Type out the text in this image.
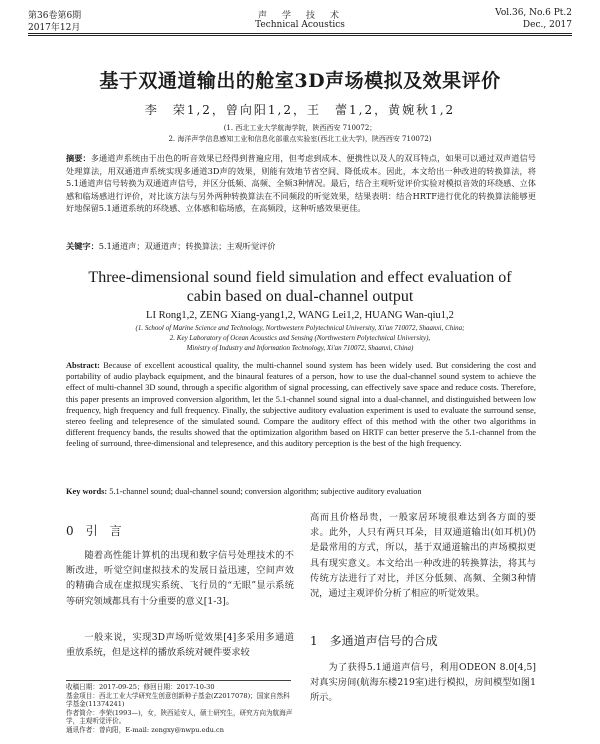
第36卷第6期	声　学　技　术	Vol.36, No.6 Pt.2
2017年12月	Technical Acoustics	Dec., 2017
基于双通道输出的舱室3D声场模拟及效果评价
李　荣1,2，曾向阳1,2，王　蕾1,2，黄婉秋1,2
(1. 西北工业大学航海学院，陕西西安 710072；
2. 海洋声学信息感知工业和信息化部重点实验室(西北工业大学)，陕西西安 710072)
摘要：多通道声系统由于出色的听音效果已经得到普遍应用，但考虑到成本、便携性以及人的双耳特点，如果可以通过双声道信号处理算法，用双通道声系统实现多通道3D声的效果，则能有效地节省空间、降低成本。因此，本文给出一种改进的转换算法，将5.1通道声信号转换为双通道声信号，并区分低频、高频、全频3种情况。最后，结合主观听觉评价实验对模拟音效的环绕感、立体感和临场感进行评价，对比该方法与另外两种转换算法在不同频段的听觉效果，结果表明：结合HRTF进行优化的转换算法能够更好地保留5.1通道系统的环绕感、立体感和临场感，在高频段，这种听感效果更佳。
关键字：5.1通道声；双通道声；转换算法；主观听觉评价
Three-dimensional sound field simulation and effect evaluation of
cabin based on dual-channel output
LI Rong1,2, ZENG Xiang-yang1,2, WANG Lei1,2, HUANG Wan-qiu1,2
(1. School of Marine Science and Technology, Northwestern Polytechnical University, Xi'an 710072, Shaanxi, China;
2. Key Laboratory of Ocean Acoustics and Sensing (Northwestern Polytechnical University),
Ministry of Industry and Information Technology, Xi'an 710072, Shaanxi, China)
Abstract: Because of excellent acoustical quality, the multi-channel sound system has been widely used. But considering the cost and portability of audio playback equipment, and the binaural features of a person, how to use the dual-channel sound system to achieve the effect of multi-channel 3D sound, through a specific algorithm of signal processing, can effectively save space and reduce costs. Therefore, this paper presents an improved conversion algorithm, let the 5.1-channel sound signal into a dual-channel, and distinguished between low frequency, high frequency and full frequency. Finally, the subjective auditory evaluation experiment is used to evaluate the surround sense, stereo feeling and telepresence of the simulated sound. Compare the auditory effect of this method with the other two algorithms in different frequency bands, the results showed that the optimization algorithm based on HRTF can better preserve the 5.1-channel from the feeling of surround, three-dimensional and telepresence, and this auditory perception is the best of the high frequency.
Key words: 5.1-channel sound; dual-channel sound; conversion algorithm; subjective auditory evaluation
0　引　言
随着高性能计算机的出现和数字信号处理技术的不断改进，听觉空间虚拟技术的发展日益迅速，空间声效的精确合成在虚拟现实系统、飞行员的“无眼”显示系统等研究领域都具有十分重要的意义[1-3]。
一般来说，实现3D声场听觉效果[4]多采用多通道重放系统，但是这样的播放系统对硬件要求较
收稿日期：2017-09-25；修回日期：2017-10-30
基金项目：西北工业大学研究生创意创新种子基金(Z2017078)；国家自然科学基金(11374241)
作者简介：李荣(1993—)，女，陕西延安人，硕士研究生，研究方向为航海声学，主观听觉评价。
通讯作者：曾向阳，E-mail: zengxy@nwpu.edu.cn
高而且价格昂贵，一般家居环境很难达到各方面的要求。此外，人只有两只耳朵，目双通道输出(如耳机)仍是最常用的方式，所以，基于双通道输出的声场模拟更具有现实意义。本文给出一种改进的转换算法，将其与传统方法进行了对比，并区分低频、高频、全频3种情况，通过主观评价分析了相应的听觉效果。
1　多通道声信号的合成
为了获得5.1通道声信号，利用ODEON 8.0[4,5]对真实房间(航海东楼219室)进行模拟，房间模型如图1所示。
